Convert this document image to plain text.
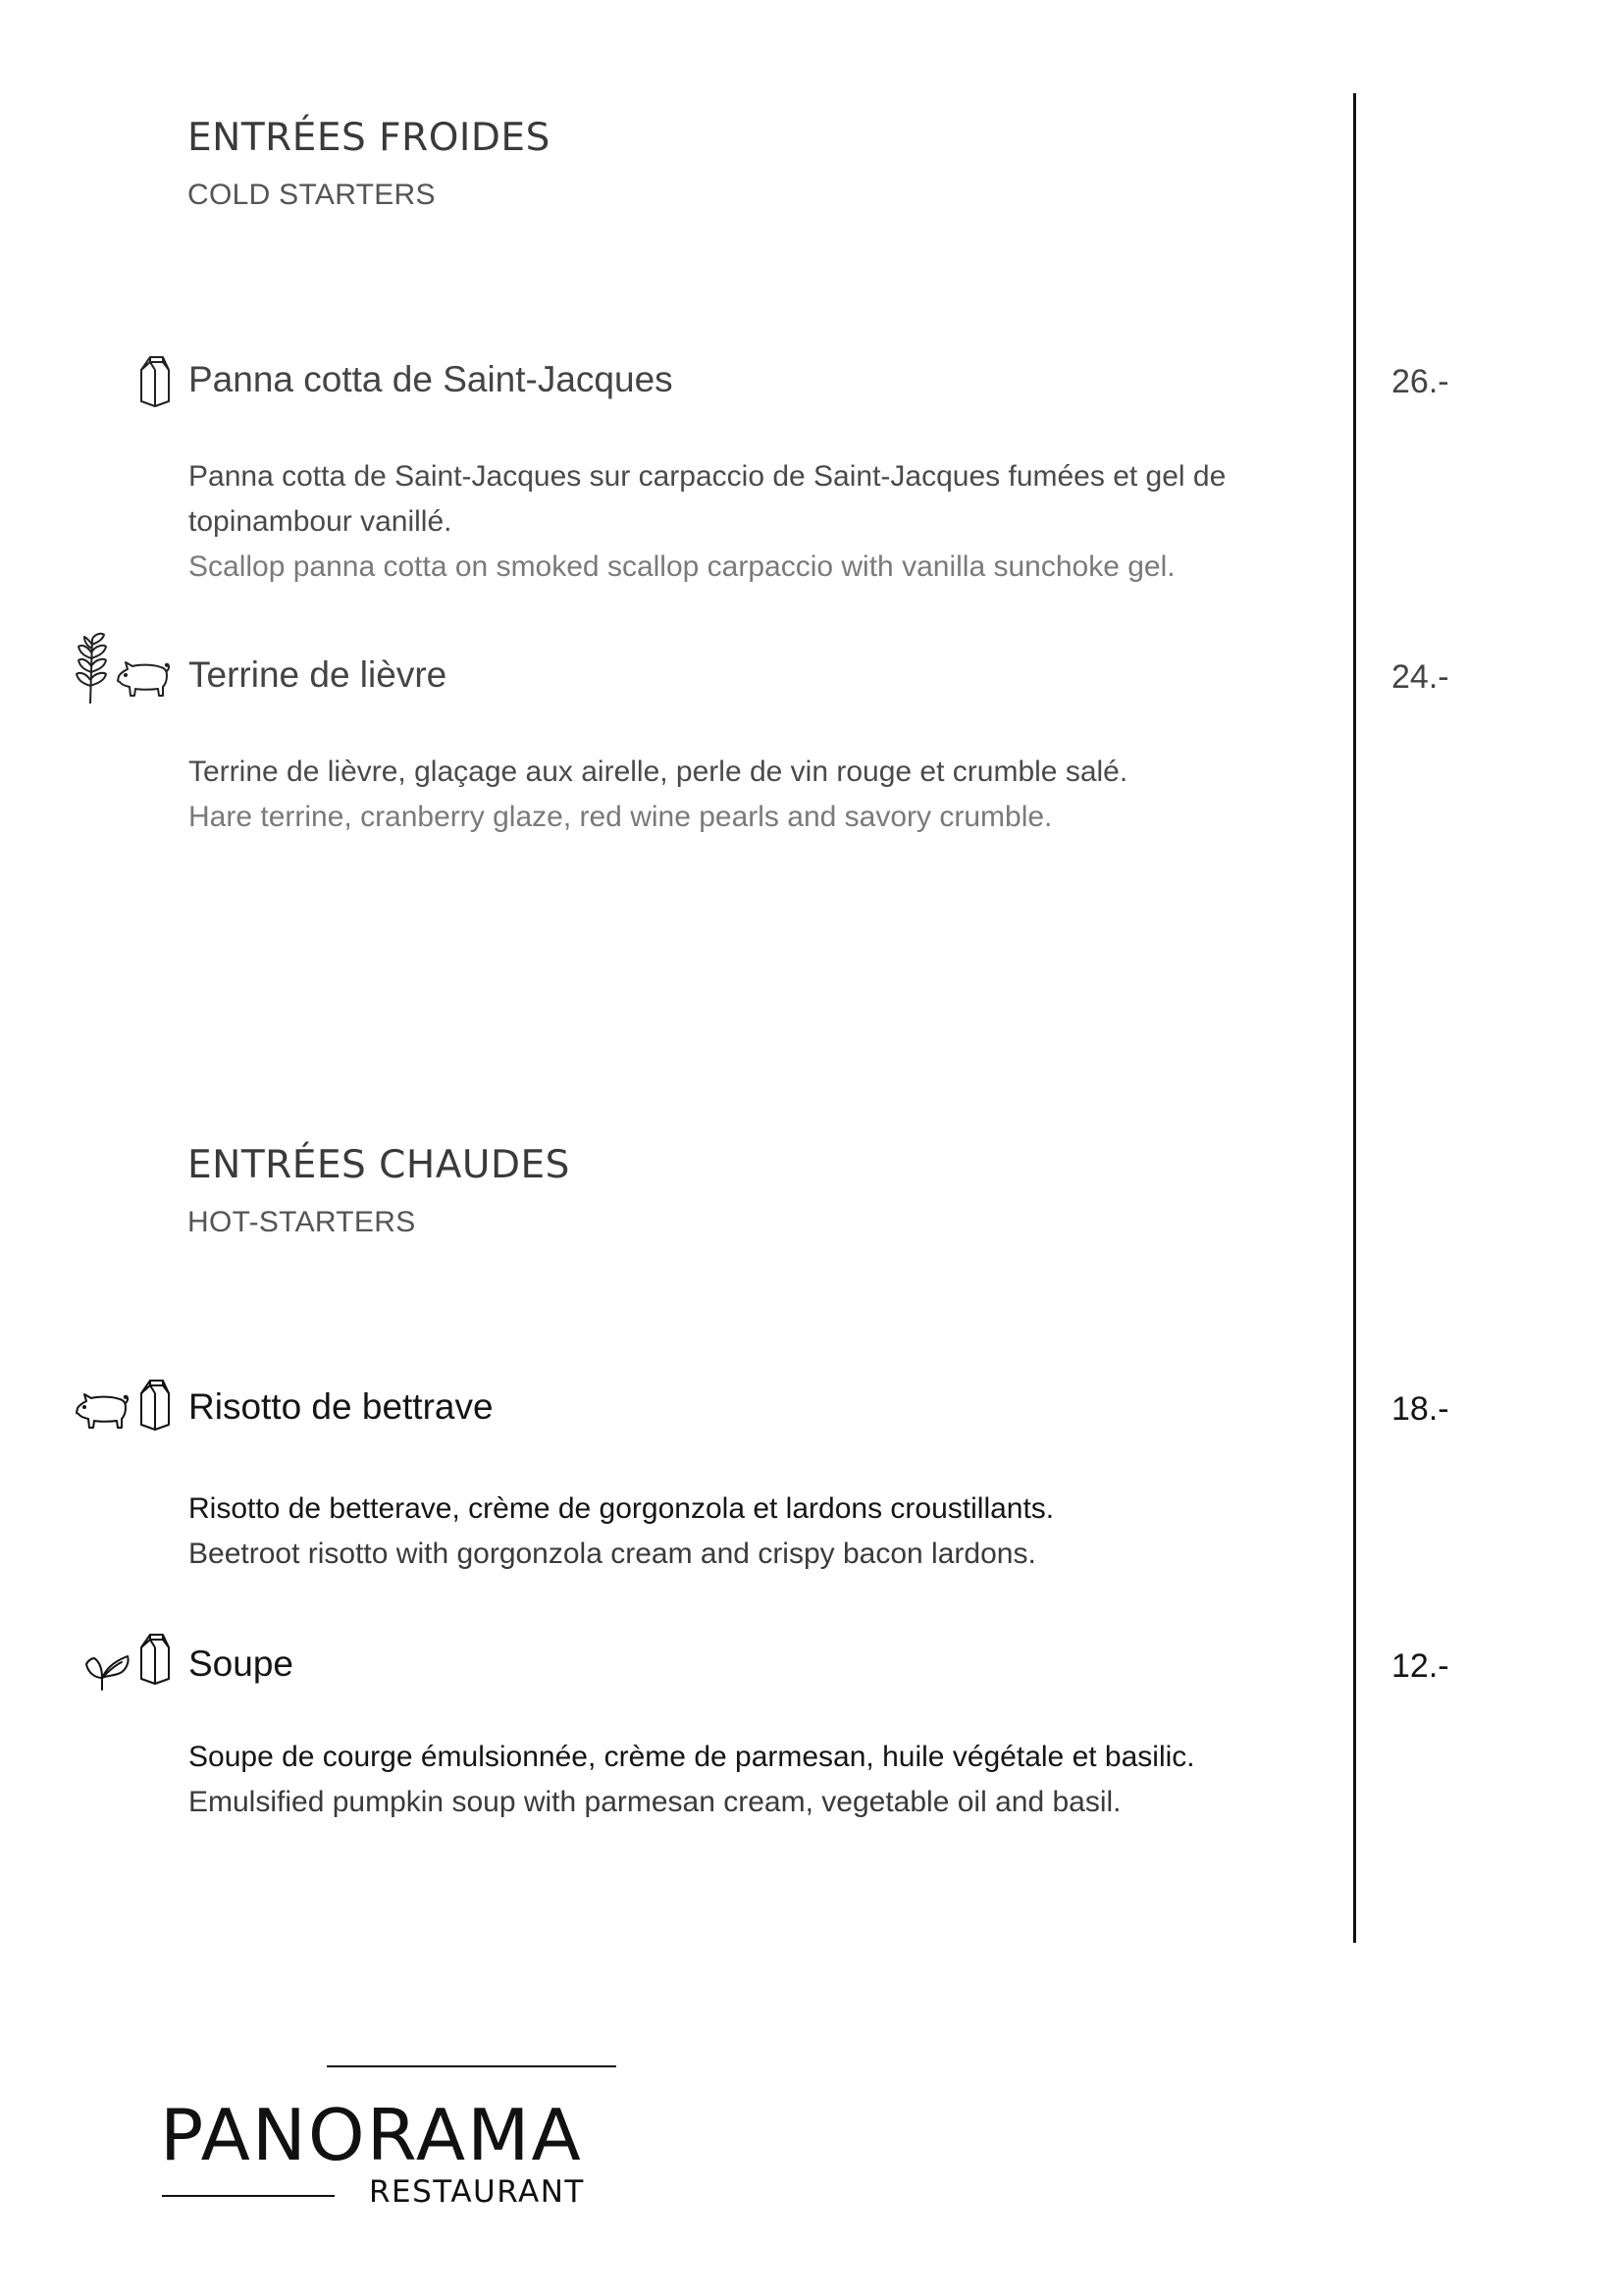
ENTRÉES FROIDES
COLD STARTERS
Panna cotta de Saint-Jacques	26.-
Panna cotta de Saint-Jacques sur carpaccio de Saint-Jacques fumées et gel de topinambour vanillé.
Scallop panna cotta on smoked scallop carpaccio with vanilla sunchoke gel.
Terrine de lièvre	24.-
Terrine de lièvre, glaçage aux airelle, perle de vin rouge et crumble salé.
Hare terrine, cranberry glaze, red wine pearls and savory crumble.
ENTRÉES CHAUDES
HOT-STARTERS
Risotto de bettrave	18.-
Risotto de betterave, crème de gorgonzola et lardons croustillants.
Beetroot risotto with gorgonzola cream and crispy bacon lardons.
Soupe	12.-
Soupe de courge émulsionnée, crème de parmesan, huile végétale et basilic.
Emulsified pumpkin soup with parmesan cream, vegetable oil and basil.
PANORAMA
RESTAURANT
